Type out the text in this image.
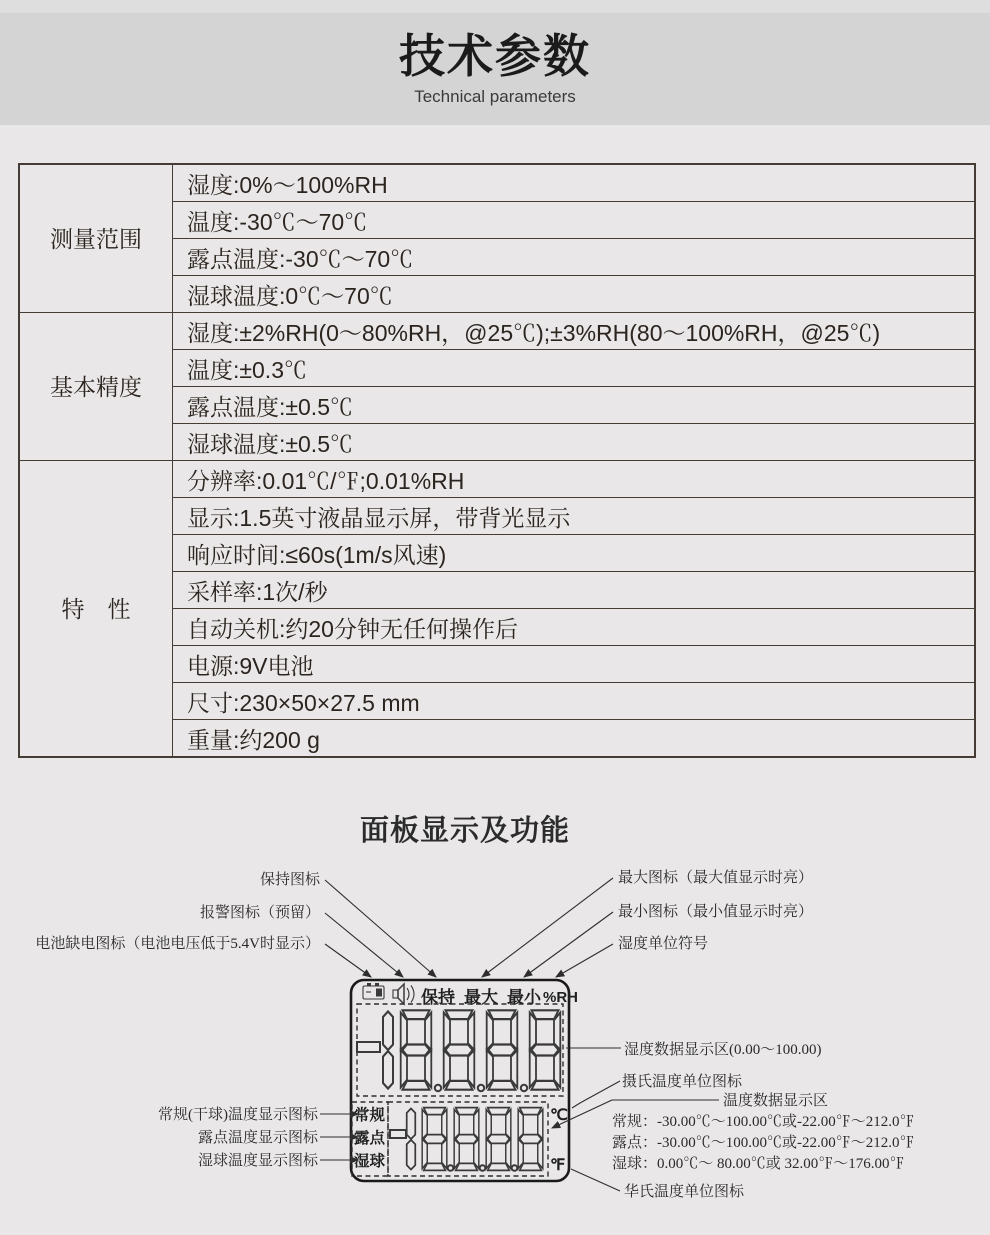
技术参数
Technical parameters
测量范围	湿度:0%～100%RH
	温度:-30℃～70℃
	露点温度:-30℃～70℃
	湿球温度:0℃～70℃
基本精度	湿度:±2%RH(0～80%RH，@25℃);±3%RH(80～100%RH，@25℃)
	温度:±0.3℃
	露点温度:±0.5℃
	湿球温度:±0.5℃
特　性	分辨率:0.01℃/℉;0.01%RH
	显示:1.5英寸液晶显示屏，带背光显示
	响应时间:≤60s(1m/s风速)
	采样率:1次/秒
	自动关机:约20分钟无任何操作后
	电源:9V电池
	尺寸:230×50×27.5 mm
	重量:约200 g
面板显示及功能
保持 最大 最小 %RH
常规
露点
湿球
℃
℉
保持图标
报警图标（预留）
电池缺电图标（电池电压低于5.4V时显示）
最大图标（最大值显示时亮）
最小图标（最小值显示时亮）
湿度单位符号
常规(干球)温度显示图标
露点温度显示图标
湿球温度显示图标
湿度数据显示区(0.00～100.00)
摄氏温度单位图标
温度数据显示区
常规：-30.00℃～100.00℃或-22.00℉～212.0℉
露点：-30.00℃～100.00℃或-22.00℉～212.0℉
湿球：0.00℃～ 80.00℃或 32.00℉～176.00℉
华氏温度单位图标
